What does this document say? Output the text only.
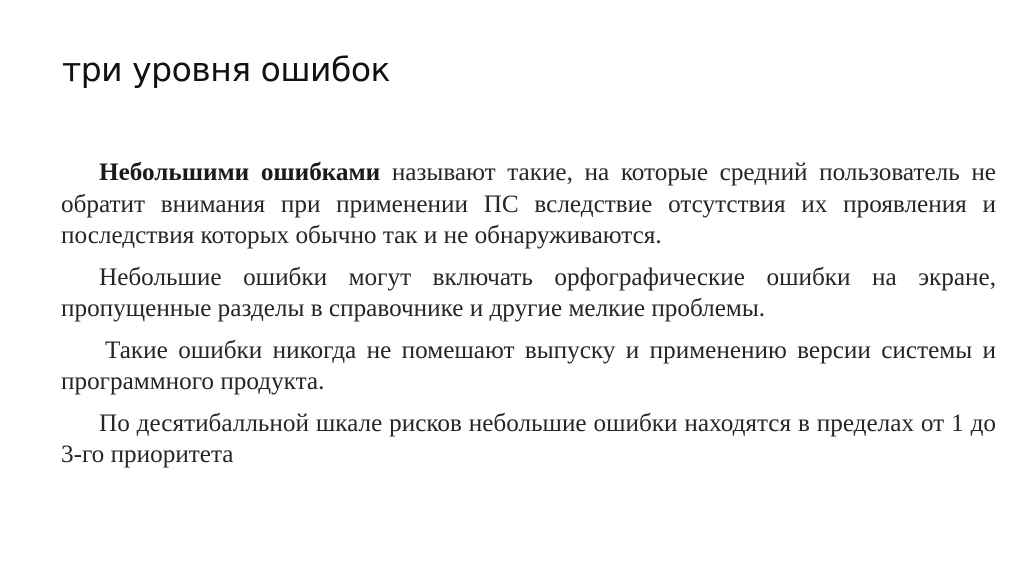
три уровня ошибок

Небольшими ошибками называют такие, на которые средний пользователь не обратит внимания при применении ПС вследствие отсутствия их проявления и последствия которых обычно так и не обнаруживаются.

Небольшие ошибки могут включать орфографические ошибки на экране, пропущенные разделы в справочнике и другие мелкие проблемы.

Такие ошибки никогда не помешают выпуску и применению версии системы и программного продукта.

По десятибалльной шкале рисков небольшие ошибки находятся в пределах от 1 до 3-го приоритета
